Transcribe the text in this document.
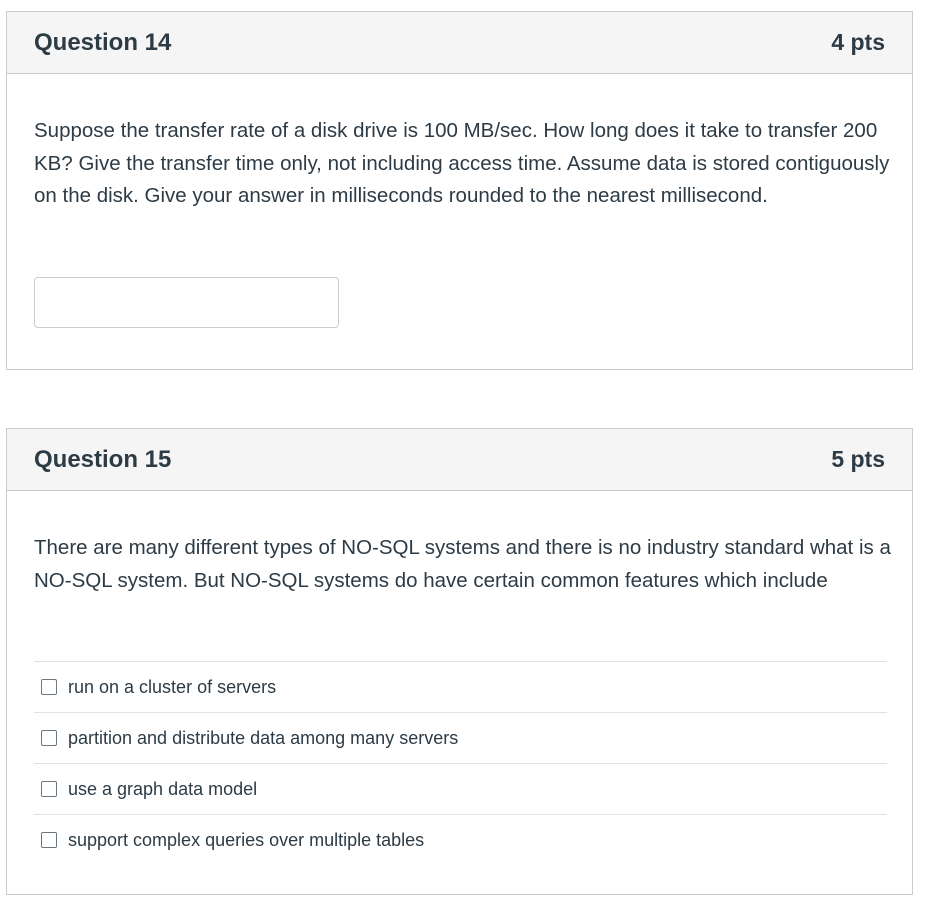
Question 14	4 pts

Suppose the transfer rate of a disk drive is 100 MB/sec. How long does it take to transfer 200 KB? Give the transfer time only, not including access time. Assume data is stored contiguously on the disk. Give your answer in milliseconds rounded to the nearest millisecond.

Question 15	5 pts

There are many different types of NO-SQL systems and there is no industry standard what is a NO-SQL system. But NO-SQL systems do have certain common features which include

run on a cluster of servers
partition and distribute data among many servers
use a graph data model
support complex queries over multiple tables
